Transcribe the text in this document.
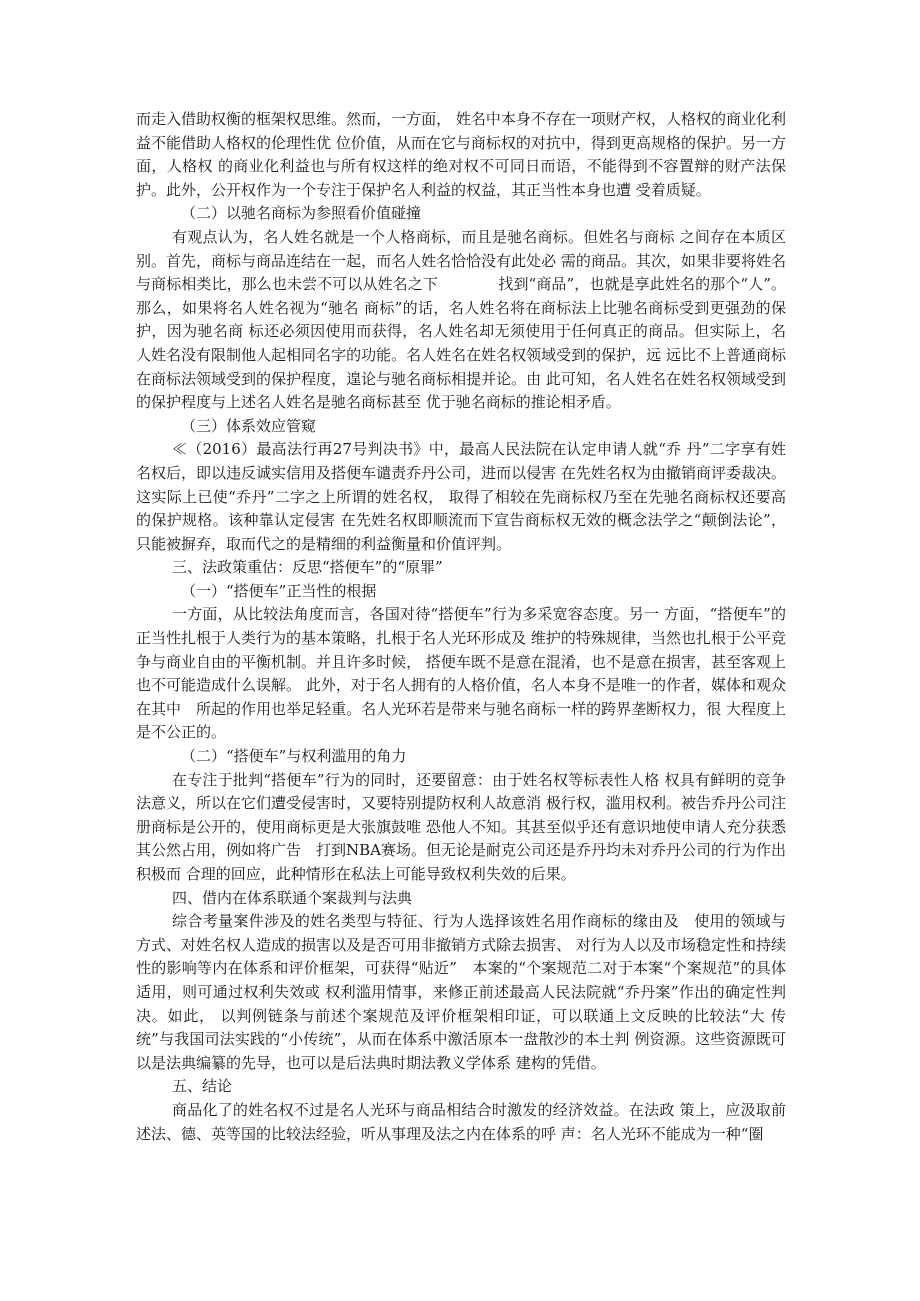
而走入借助权衡的框架权思维。然而，一方面， 姓名中本身不存在一项财产权，人格权的商业化利益不能借助人格权的伦理性优 位价值，从而在它与商标权的对抗中，得到更高规格的保护。另一方面，人格权 的商业化利益也与所有权这样的绝对权不可同日而语，不能得到不容置辩的财产法保护。此外，公开权作为一个专注于保护名人利益的权益，其正当性本身也遭 受着质疑。

（二）以驰名商标为参照看价值碰撞

有观点认为，名人姓名就是一个人格商标，而且是驰名商标。但姓名与商标 之间存在本质区别。首先，商标与商品连结在一起，而名人姓名恰恰没有此处必 需的商品。其次，如果非要将姓名与商标相类比，那么也未尝不可以从姓名之下　　　　找到“商品”，也就是享此姓名的那个“人”。那么，如果将名人姓名视为“驰名 商标”的话，名人姓名将在商标法上比驰名商标受到更强劲的保护，因为驰名商 标还必须因使用而获得，名人姓名却无须使用于任何真正的商品。但实际上，名 人姓名没有限制他人起相同名字的功能。名人姓名在姓名权领域受到的保护，远 远比不上普通商标在商标法领域受到的保护程度，遑论与驰名商标相提并论。由 此可知，名人姓名在姓名权领域受到的保护程度与上述名人姓名是驰名商标甚至 优于驰名商标的推论相矛盾。

（三）体系效应管窥

≪（2016）最高法行再27号判决书》中，最高人民法院在认定申请人就“乔 丹”二字享有姓名权后，即以违反诚实信用及搭便车谴责乔丹公司，进而以侵害 在先姓名权为由撤销商评委裁决。这实际上已使“乔丹”二字之上所谓的姓名权， 取得了相较在先商标权乃至在先驰名商标权还要高的保护规格。该种靠认定侵害 在先姓名权即顺流而下宣告商标权无效的概念法学之“颠倒法论”，只能被摒弃，取而代之的是精细的利益衡量和价值评判。

三、法政策重估：反思“搭便车”的“原罪”

（一）“搭便车”正当性的根据

一方面，从比较法角度而言，各国对待“搭便车”行为多采宽容态度。另一 方面，“搭便车”的正当性扎根于人类行为的基本策略，扎根于名人光环形成及 维护的特殊规律，当然也扎根于公平竞争与商业自由的平衡机制。并且许多时候， 搭便车既不是意在混淆，也不是意在损害，甚至客观上也不可能造成什么误解。 此外，对于名人拥有的人格价值，名人本身不是唯一的作者，媒体和观众在其中　所起的作用也举足轻重。名人光环若是带来与驰名商标一样的跨界垄断权力，很 大程度上是不公正的。

（二）“搭便车”与权利滥用的角力

在专注于批判“搭便车”行为的同时，还要留意：由于姓名权等标表性人格 权具有鲜明的竞争法意义，所以在它们遭受侵害时，又要特别提防权利人故意消 极行权，滥用权利。被告乔丹公司注册商标是公开的，使用商标更是大张旗鼓唯 恐他人不知。其甚至似乎还有意识地使申请人充分获悉其公然占用，例如将广告　打到NBA赛场。但无论是耐克公司还是乔丹均未对乔丹公司的行为作出积极而 合理的回应，此种情形在私法上可能导致权利失效的后果。

四、借内在体系联通个案裁判与法典

综合考量案件涉及的姓名类型与特征、行为人选择该姓名用作商标的缘由及　使用的领域与方式、对姓名权人造成的损害以及是否可用非撤销方式除去损害、 对行为人以及市场稳定性和持续性的影响等内在体系和评价框架，可获得“贴近”　本案的“个案规范二对于本案“个案规范”的具体适用，则可通过权利失效或 权利滥用情事，来修正前述最高人民法院就“乔丹案”作出的确定性判决。如此， 以判例链条与前述个案规范及评价框架相印证，可以联通上文反映的比较法“大 传统”与我国司法实践的“小传统”，从而在体系中激活原本一盘散沙的本土判 例资源。这些资源既可以是法典编纂的先导，也可以是后法典时期法教义学体系 建构的凭借。

五、结论

商品化了的姓名权不过是名人光环与商品相结合时激发的经济效益。在法政 策上，应汲取前述法、德、英等国的比较法经验，听从事理及法之内在体系的呼 声：名人光环不能成为一种“圈
